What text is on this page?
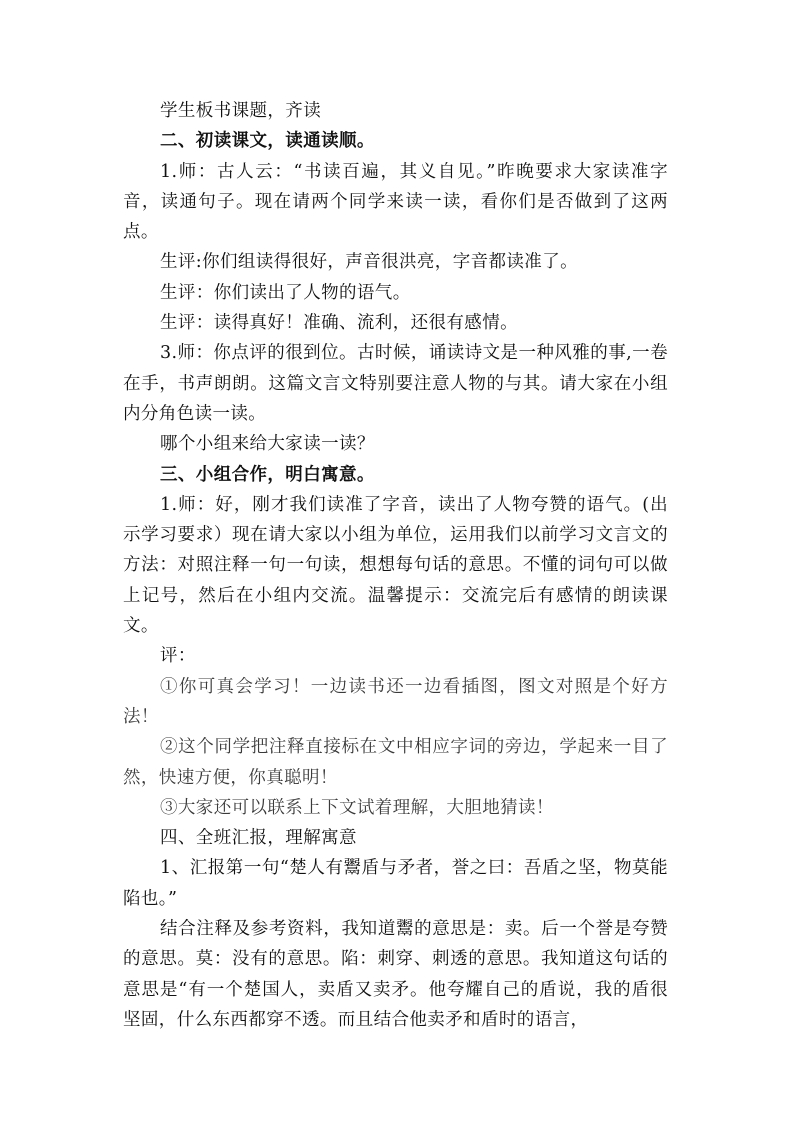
学生板书课题，齐读

二、初读课文，读通读顺。

1.师：古人云：“书读百遍，其义自见。”昨晚要求大家读准字音，读通句子。现在请两个同学来读一读，看你们是否做到了这两点。

生评:你们组读得很好，声音很洪亮，字音都读准了。

生评：你们读出了人物的语气。

生评：读得真好！准确、流利，还很有感情。

3.师：你点评的很到位。古时候，诵读诗文是一种风雅的事,一卷在手，书声朗朗。这篇文言文特别要注意人物的与其。请大家在小组内分角色读一读。

哪个小组来给大家读一读？

三、小组合作，明白寓意。

1.师：好，刚才我们读准了字音，读出了人物夸赞的语气。(出示学习要求）现在请大家以小组为单位，运用我们以前学习文言文的方法：对照注释一句一句读，想想每句话的意思。不懂的词句可以做上记号，然后在小组内交流。温馨提示：交流完后有感情的朗读课文。

评：

①你可真会学习！一边读书还一边看插图，图文对照是个好方法！

②这个同学把注释直接标在文中相应字词的旁边，学起来一目了然，快速方便，你真聪明！

③大家还可以联系上下文试着理解，大胆地猜读！

四、全班汇报，理解寓意

1、汇报第一句“楚人有鬻盾与矛者，誉之曰：吾盾之坚，物莫能陷也。”

结合注释及参考资料，我知道鬻的意思是：卖。后一个誉是夸赞的意思。莫：没有的意思。陷：刺穿、刺透的意思。我知道这句话的意思是“有一个楚国人，卖盾又卖矛。他夸耀自己的盾说，我的盾很坚固，什么东西都穿不透。而且结合他卖矛和盾时的语言，
